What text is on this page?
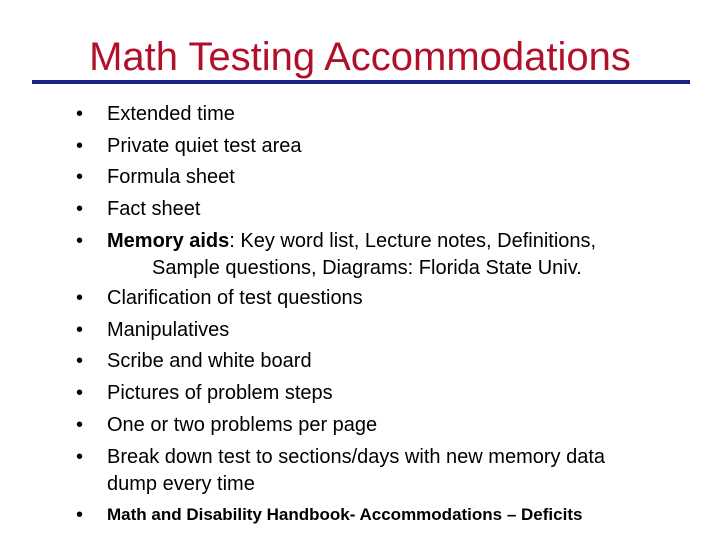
Math Testing Accommodations
• Extended time
• Private quiet test area
• Formula sheet
• Fact sheet
• Memory aids: Key word list, Lecture notes, Definitions,
Sample questions, Diagrams: Florida State Univ.
• Clarification of test questions
• Manipulatives
• Scribe and white board
• Pictures of problem steps
• One or two problems per page
• Break down test to sections/days with new memory data
dump every time
• Math and Disability Handbook- Accommodations – Deficits
